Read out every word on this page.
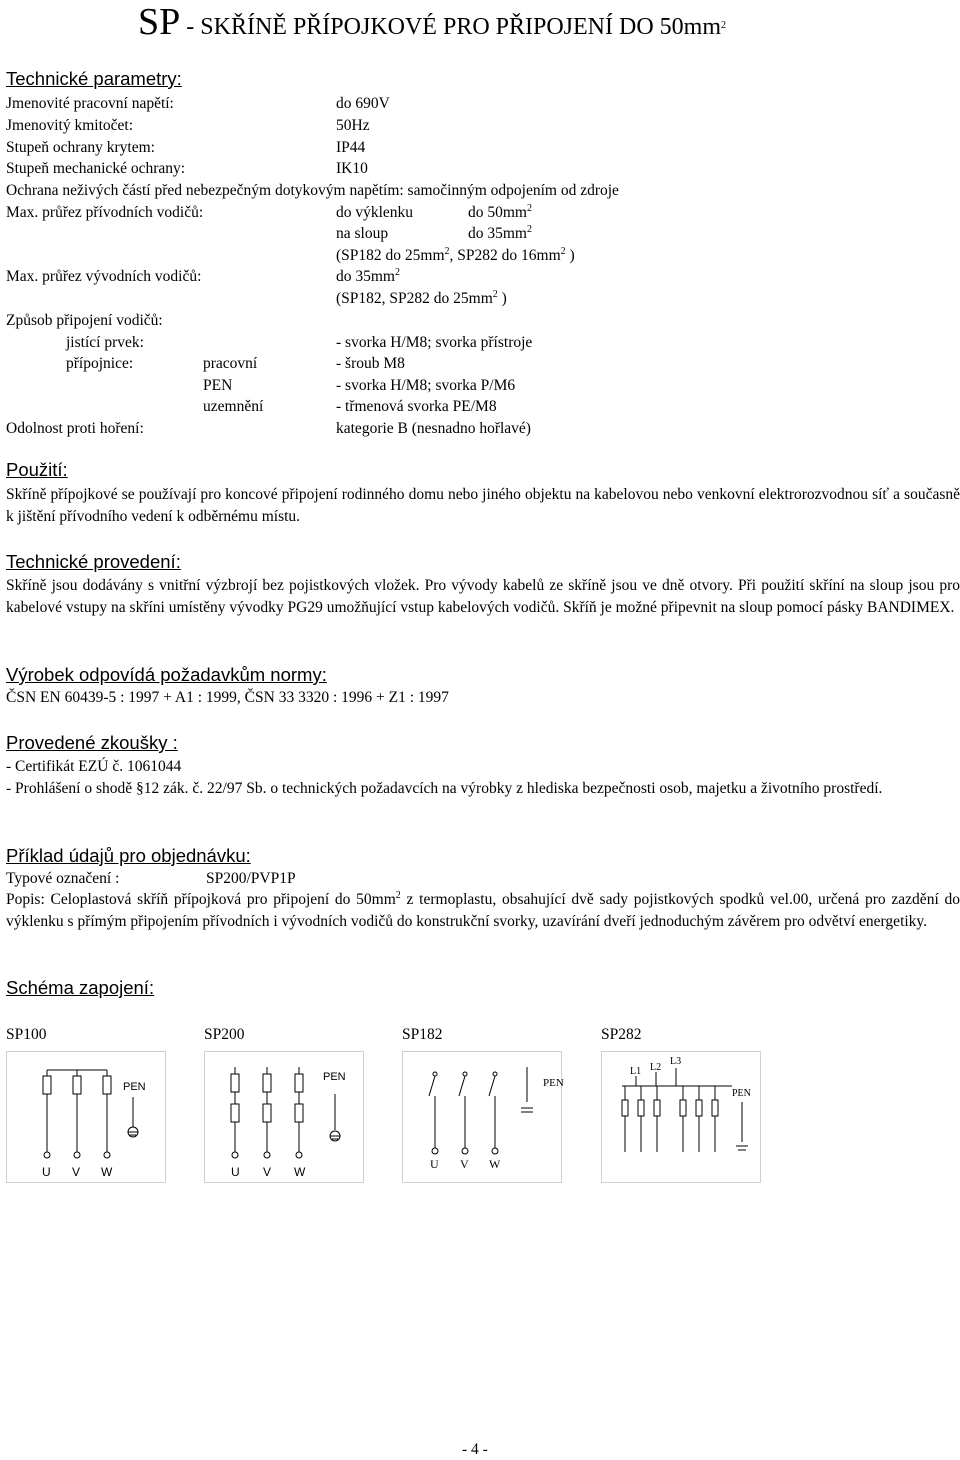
SP - SKŘÍNĚ PŘÍPOJKOVÉ PRO PŘIPOJENÍ DO $50mm^2$
Technické parametry:
Jmenovité pracovní napětí:	do 690V
Jmenovitý kmitočet:	50Hz
Stupeň ochrany krytem:	IP44
Stupeň mechanické ochrany:	IK10
Ochrana neživých částí před nebezpečným dotykovým napětím: samočinným odpojením od zdroje
Max. průřez přívodních vodičů:	do výklenku	do $50mm^2$
na sloup	do $35mm^2$
(SP182 do $25mm^2$, SP282 do $16mm^2$ )
Max. průřez vývodních vodičů:	do $35mm^2$
(SP182, SP282 do $25mm^2$ )
Způsob připojení vodičů:
jistící prvek:	- svorka H/M8; svorka přístroje
přípojnice:	pracovní	- šroub M8
PEN	- svorka H/M8; svorka P/M6
uzemnění	- třmenová svorka PE/M8
Odolnost proti hoření:	kategorie B (nesnadno hořlavé)
Použití:
Skříně přípojkové se používají pro koncové připojení rodinného domu nebo jiného objektu na kabelovou nebo venkovní elektrorozvodnou síť a současně k jištění přívodního vedení k odběrnému místu.
Technické provedení:
Skříně jsou dodávány s vnitřní výzbrojí bez pojistkových vložek. Pro vývody kabelů ze skříně jsou ve dně otvory. Při použití skříní na sloup jsou pro kabelové vstupy na skříni umístěny vývodky PG29 umožňující vstup kabelových vodičů. Skříň je možné připevnit na sloup pomocí pásky BANDIMEX.
Výrobek odpovídá požadavkům normy:
ČSN EN 60439-5 : 1997 + A1 : 1999, ČSN 33 3320 : 1996 + Z1 : 1997
Provedené zkoušky :
- Certifikát EZÚ č. 1061044
- Prohlášení o shodě §12 zák. č. 22/97 Sb. o technických požadavcích na výrobky z hlediska bezpečnosti osob, majetku a životního prostředí.
Příklad údajů pro objednávku:
Typové označení :	SP200/PVP1P
Popis: Celoplastová skříň přípojková pro připojení do $50mm^2$ z termoplastu, obsahující dvě sady pojistkových spodků vel.00, určená pro zazdění do výklenku s přímým připojením přívodních i vývodních vodičů do konstrukční svorky, uzavírání dveří jednoduchým závěrem pro odvětví energetiky.
Schéma zapojení:
SP100	SP200	SP182	SP282
PEN
U V W
PEN
U V W
PEN
U V W
L1 L2
L3
PEN
- 4 -
